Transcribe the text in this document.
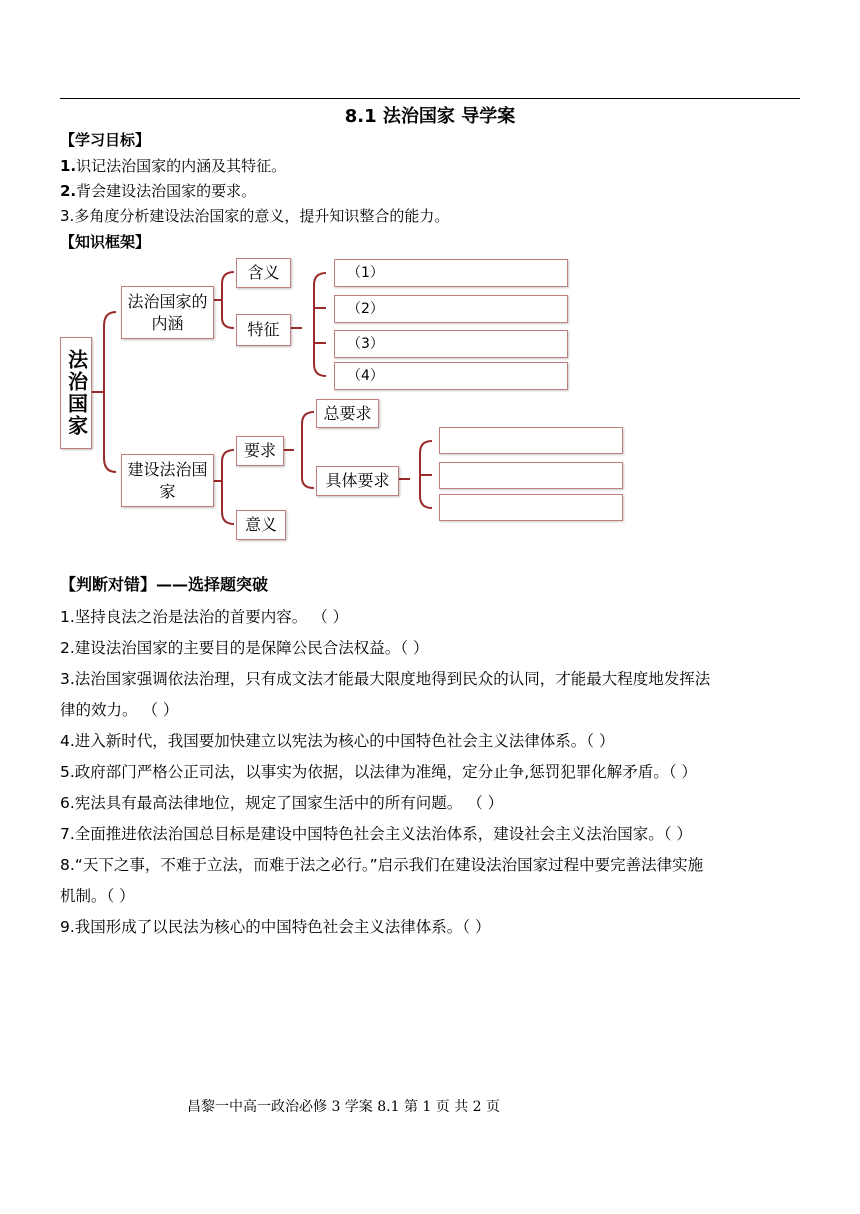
8.1 法治国家 导学案
【学习目标】
1.识记法治国家的内涵及其特征。
2.背会建设法治国家的要求。
3.多角度分析建设法治国家的意义，提升知识整合的能力。
【知识框架】
法治国家
法治国家的内涵
含义
特征
（1）
（2）
（3）
（4）
建设法治国家
要求
意义
总要求
具体要求
【判断对错】——选择题突破
1.坚持良法之治是法治的首要内容。 （ ）
2.建设法治国家的主要目的是保障公民合法权益。（ ）
3.法治国家强调依法治理，只有成文法才能最大限度地得到民众的认同，才能最大程度地发挥法
律的效力。 （ ）
4.进入新时代，我国要加快建立以宪法为核心的中国特色社会主义法律体系。（ ）
5.政府部门严格公正司法，以事实为依据，以法律为准绳，定分止争,惩罚犯罪化解矛盾。（ ）
6.宪法具有最高法律地位，规定了国家生活中的所有问题。 （ ）
7.全面推进依法治国总目标是建设中国特色社会主义法治体系，建设社会主义法治国家。（ ）
8.“天下之事，不难于立法，而难于法之必行。”启示我们在建设法治国家过程中要完善法律实施
机制。（ ）
9.我国形成了以民法为核心的中国特色社会主义法律体系。（ ）
昌黎一中高一政治必修 3 学案 8.1 第 1 页 共 2 页
